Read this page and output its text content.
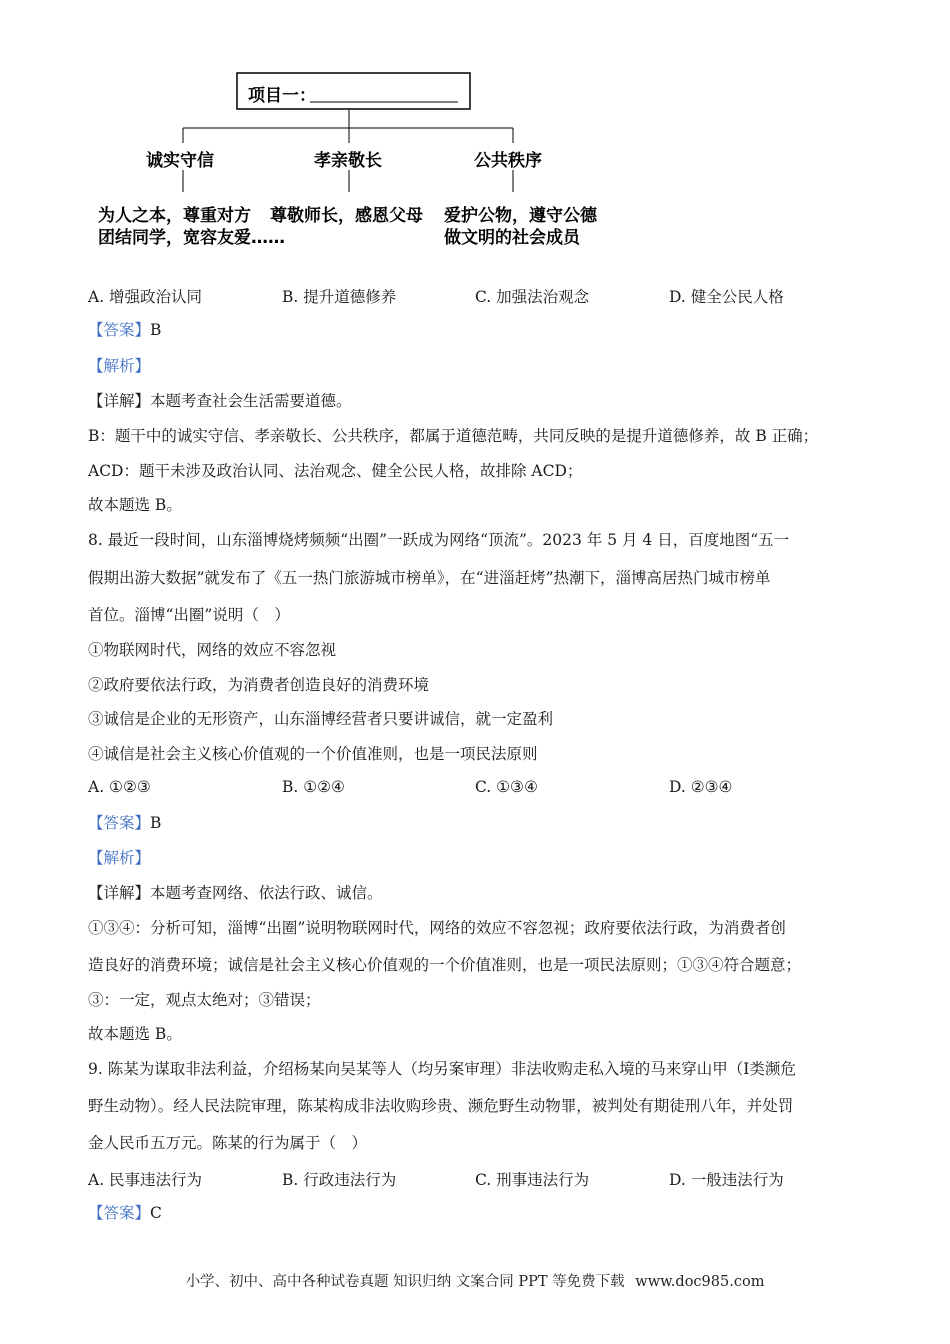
项目一：
诚实守信	孝亲敬长	公共秩序
为人之本，尊重对方 尊敬师长，感恩父母 爱护公物，遵守公德
团结同学，宽容友爱……	做文明的社会成员
A. 增强政治认同	B. 提升道德修养	C. 加强法治观念	D. 健全公民人格
【答案】B
【解析】
【详解】本题考查社会生活需要道德。
B：题干中的诚实守信、孝亲敬长、公共秩序，都属于道德范畴，共同反映的是提升道德修养，故 B 正确；
ACD：题干未涉及政治认同、法治观念、健全公民人格，故排除 ACD；
故本题选 B。
8. 最近一段时间，山东淄博烧烤频频“出圈”一跃成为网络“顶流”。2023 年 5 月 4 日，百度地图“五一
假期出游大数据”就发布了《五一热门旅游城市榜单》，在“进淄赶烤”热潮下，淄博高居热门城市榜单
首位。淄博“出圈”说明（　）
①物联网时代，网络的效应不容忽视
②政府要依法行政，为消费者创造良好的消费环境
③诚信是企业的无形资产，山东淄博经营者只要讲诚信，就一定盈利
④诚信是社会主义核心价值观的一个价值准则，也是一项民法原则
A. ①②③	B. ①②④	C. ①③④	D. ②③④
【答案】B
【解析】
【详解】本题考查网络、依法行政、诚信。
①③④：分析可知，淄博“出圈”说明物联网时代，网络的效应不容忽视；政府要依法行政，为消费者创
造良好的消费环境；诚信是社会主义核心价值观的一个价值准则，也是一项民法原则；①③④符合题意；
③：一定，观点太绝对；③错误；
故本题选 B。
9. 陈某为谋取非法利益，介绍杨某向吴某等人（均另案审理）非法收购走私入境的马来穿山甲（Ⅰ类濒危
野生动物）。经人民法院审理，陈某构成非法收购珍贵、濒危野生动物罪，被判处有期徒刑八年，并处罚
金人民币五万元。陈某的行为属于（　）
A. 民事违法行为	B. 行政违法行为	C. 刑事违法行为	D. 一般违法行为
【答案】C
小学、初中、高中各种试卷真题 知识归纳 文案合同 PPT 等免费下载 www.doc985.com
